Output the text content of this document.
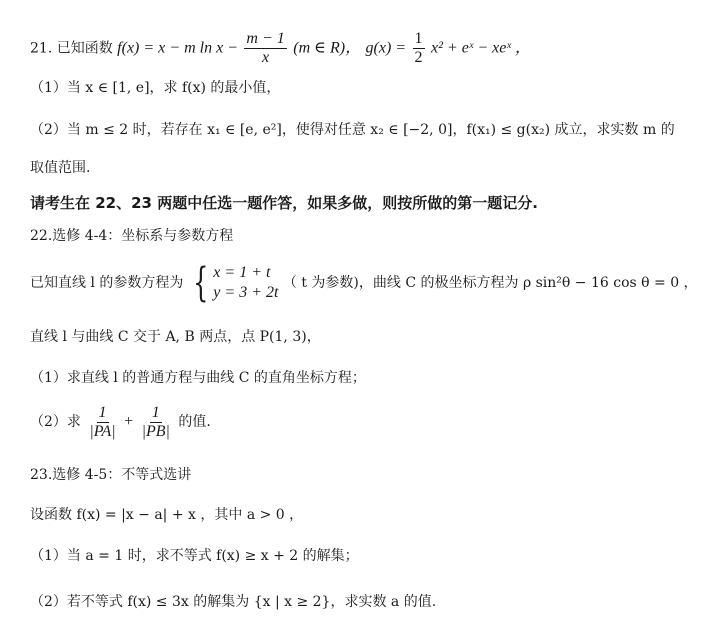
21. 已知函数 f(x) = x − m $\ln x - \frac{m - 1}{x} (m$ ∈ R)， $g(x) = \frac{1}{2} x^2$ + eˣ − xeˣ ，
（1）当 x ∈ [1, e]，求 f(x) 的最小值，
（2）当 m ≤ 2 时，若存在 x₁ ∈ [e, e²]，使得对任意 x₂ ∈ [−2, 0]，f(x₁) ≤ g(x₂) 成立，求实数 m 的
取值范围.
请考生在 22、23 两题中任选一题作答，如果多做，则按所做的第一题记分.
22.选修 4-4：坐标系与参数方程
已知直线 l 的参数方程为 { x = 1 + t
y = 3 + 2t
（ t 为参数)，曲线 C 的极坐标方程为 ρ sin²θ − 16 cos θ = 0 ，
直线 l 与曲线 C 交于 A, B 两点，点 P(1, 3)，
（1）求直线 l 的普通方程与曲线 C 的直角坐标方程；
（2）求 $\frac{1}{|PA|} + \frac{1}{|PB|}$ 的值.
23.选修 4-5：不等式选讲
设函数 f(x) = |x − a| + x ，其中 a > 0 ，
（1）当 a = 1 时，求不等式 f(x) ≥ x + 2 的解集；
（2）若不等式 f(x) ≤ 3x 的解集为 {x | x ≥ 2}，求实数 a 的值.
